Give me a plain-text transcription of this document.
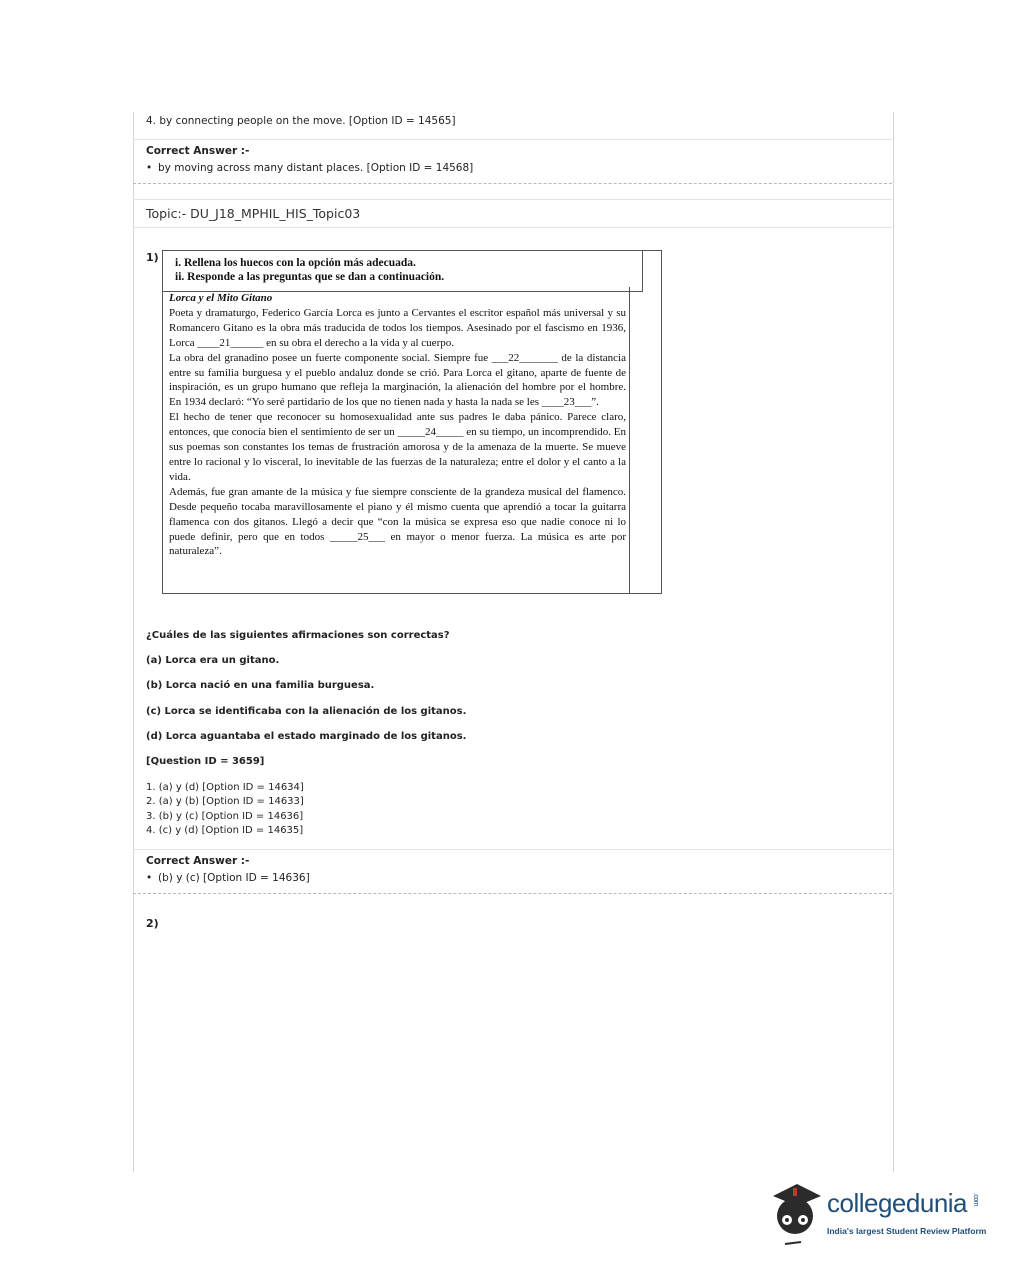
4. by connecting people on the move. [Option ID = 14565]
Correct Answer :-
• by moving across many distant places. [Option ID = 14568]
Topic:- DU_J18_MPHIL_HIS_Topic03
1) i. Rellena los huecos con la opción más adecuada.
ii. Responde a las preguntas que se dan a continuación.
Lorca y el Mito Gitano
Poeta y dramaturgo, Federico García Lorca es junto a Cervantes el escritor español más universal y su Romancero Gitano es la obra más traducida de todos los tiempos. Asesinado por el fascismo en 1936, Lorca ____21______ en su obra el derecho a la vida y al cuerpo.
La obra del granadino posee un fuerte componente social. Siempre fue ___22_______ de la distancia entre su familia burguesa y el pueblo andaluz donde se crió. Para Lorca el gitano, aparte de fuente de inspiración, es un grupo humano que refleja la marginación, la alienación del hombre por el hombre. En 1934 declaró: “Yo seré partidario de los que no tienen nada y hasta la nada se les ____23___”.
El hecho de tener que reconocer su homosexualidad ante sus padres le daba pánico. Parece claro, entonces, que conocía bien el sentimiento de ser un _____24_____ en su tiempo, un incomprendido. En sus poemas son constantes los temas de frustración amorosa y de la amenaza de la muerte. Se mueve entre lo racional y lo visceral, lo inevitable de las fuerzas de la naturaleza; entre el dolor y el canto a la vida.
Además, fue gran amante de la música y fue siempre consciente de la grandeza musical del flamenco. Desde pequeño tocaba maravillosamente el piano y él mismo cuenta que aprendió a tocar la guitarra flamenca con dos gitanos. Llegó a decir que “con la música se expresa eso que nadie conoce ni lo puede definir, pero que en todos _____25___ en mayor o menor fuerza. La música es arte por naturaleza”.
¿Cuáles de las siguientes afirmaciones son correctas?
(a) Lorca era un gitano.
(b) Lorca nació en una familia burguesa.
(c) Lorca se identificaba con la alienación de los gitanos.
(d) Lorca aguantaba el estado marginado de los gitanos.
[Question ID = 3659]
1. (a) y (d) [Option ID = 14634]
2. (a) y (b) [Option ID = 14633]
3. (b) y (c) [Option ID = 14636]
4. (c) y (d) [Option ID = 14635]
Correct Answer :-
• (b) y (c) [Option ID = 14636]
2)
collegedunia .com
India's largest Student Review Platform
